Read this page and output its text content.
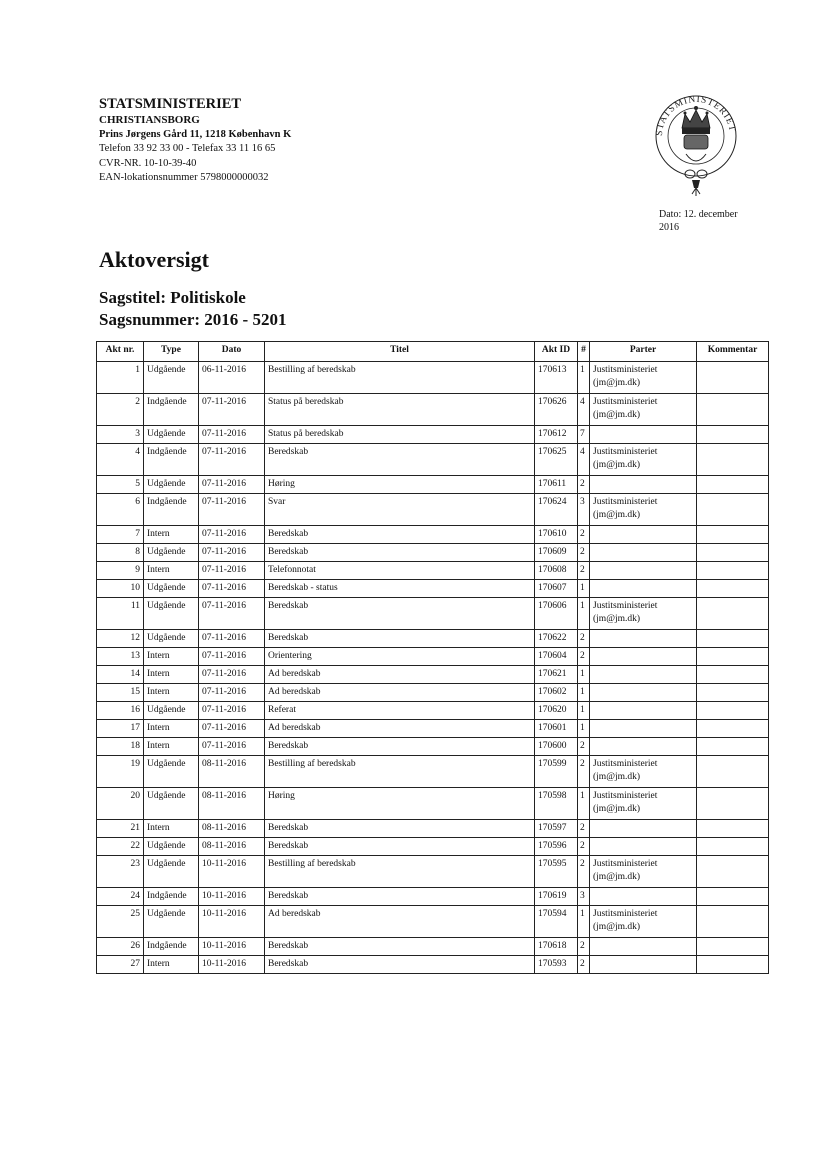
STATSMINISTERIET
CHRISTIANSBORG
Prins Jørgens Gård 11, 1218 København K
Telefon 33 92 33 00 - Telefax 33 11 16 65
CVR-NR. 10-10-39-40
EAN-lokationsnummer 5798000000032
STATSMINISTERIET
Dato: 12. december
2016
Aktoversigt
Sagstitel: Politiskole
Sagsnummer: 2016 - 5201
Akt nr.	Type	Dato	Titel	Akt ID	#	Parter	Kommentar
1	Udgående	06-11-2016	Bestilling af beredskab	170613	1	Justitsministeriet
(jm@jm.dk)	

2	Indgående	07-11-2016	Status på beredskab	170626	4	Justitsministeriet
(jm@jm.dk)	

3	Udgående	07-11-2016	Status på beredskab	170612	7	

4	Indgående	07-11-2016	Beredskab	170625	4	Justitsministeriet
(jm@jm.dk)	

5	Udgående	07-11-2016	Høring	170611	2	

6	Indgående	07-11-2016	Svar	170624	3	Justitsministeriet
(jm@jm.dk)	

7	Intern	07-11-2016	Beredskab	170610	2	

8	Udgående	07-11-2016	Beredskab	170609	2	

9	Intern	07-11-2016	Telefonnotat	170608	2	

10	Udgående	07-11-2016	Beredskab - status	170607	1	

11	Udgående	07-11-2016	Beredskab	170606	1	Justitsministeriet
(jm@jm.dk)	

12	Udgående	07-11-2016	Beredskab	170622	2	

13	Intern	07-11-2016	Orientering	170604	2	

14	Intern	07-11-2016	Ad beredskab	170621	1	

15	Intern	07-11-2016	Ad beredskab	170602	1	

16	Udgående	07-11-2016	Referat	170620	1	

17	Intern	07-11-2016	Ad beredskab	170601	1	

18	Intern	07-11-2016	Beredskab	170600	2	

19	Udgående	08-11-2016	Bestilling af beredskab	170599	2	Justitsministeriet
(jm@jm.dk)	

20	Udgående	08-11-2016	Høring	170598	1	Justitsministeriet
(jm@jm.dk)	

21	Intern	08-11-2016	Beredskab	170597	2	

22	Udgående	08-11-2016	Beredskab	170596	2	

23	Udgående	10-11-2016	Bestilling af beredskab	170595	2	Justitsministeriet
(jm@jm.dk)	

24	Indgående	10-11-2016	Beredskab	170619	3	

25	Udgående	10-11-2016	Ad beredskab	170594	1	Justitsministeriet
(jm@jm.dk)	

26	Indgående	10-11-2016	Beredskab	170618	2	

27	Intern	10-11-2016	Beredskab	170593	2	
